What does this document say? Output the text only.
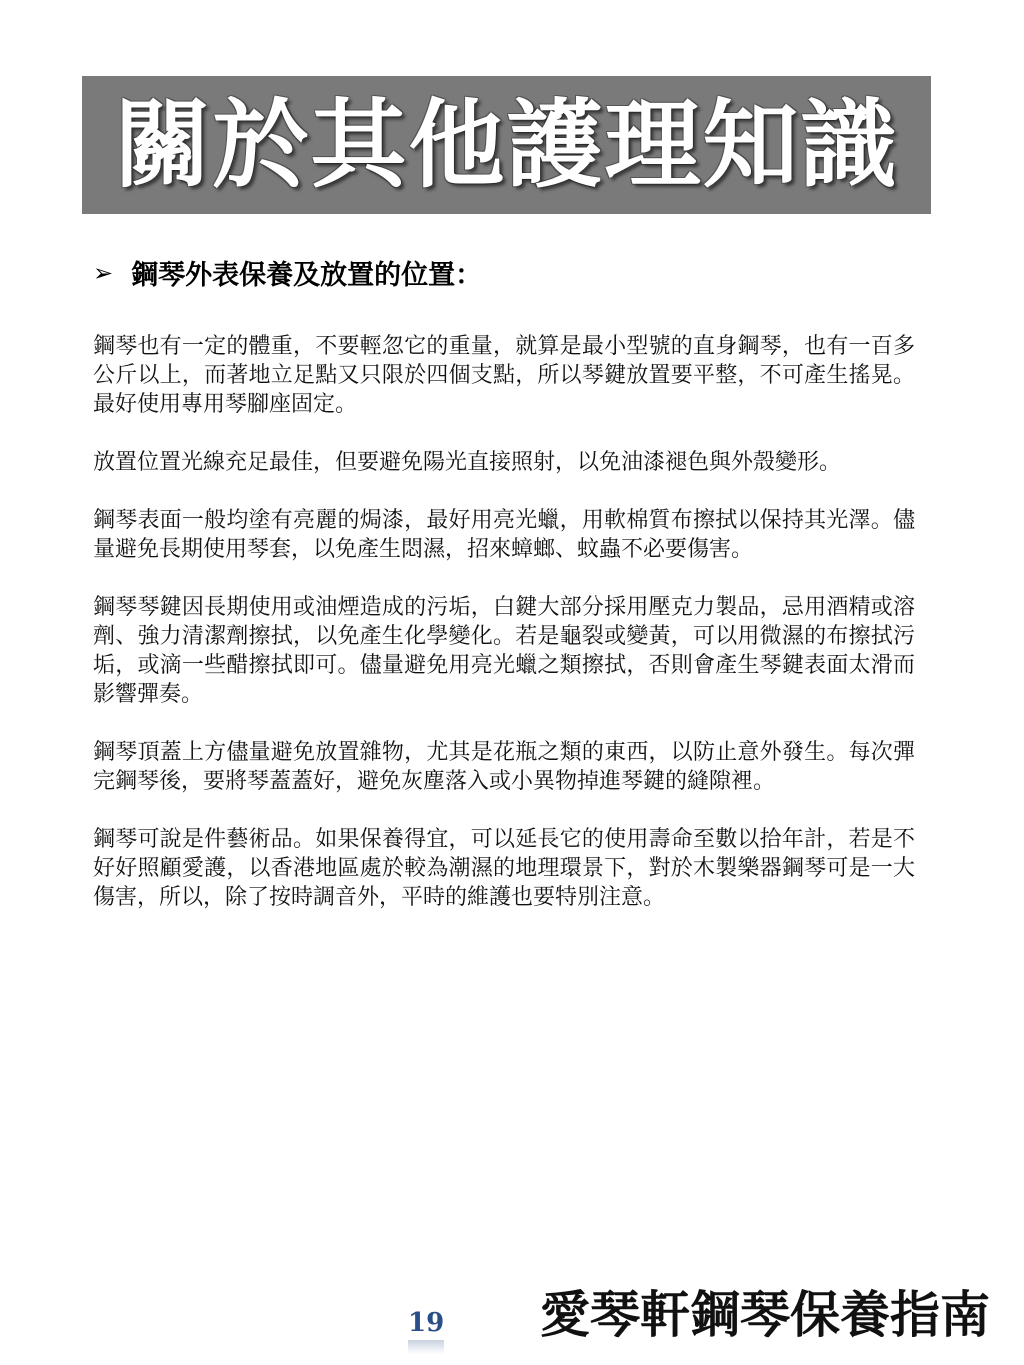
關於其他護理知識
➢ 鋼琴外表保養及放置的位置：

鋼琴也有一定的體重，不要輕忽它的重量，就算是最小型號的直身鋼琴，也有一百多公斤以上，而著地立足點又只限於四個支點，所以琴鍵放置要平整，不可產生搖晃。最好使用專用琴腳座固定。

放置位置光線充足最佳，但要避免陽光直接照射，以免油漆褪色與外殼變形。

鋼琴表面一般均塗有亮麗的焗漆，最好用亮光蠟，用軟棉質布擦拭以保持其光澤。儘量避免長期使用琴套，以免產生悶濕，招來蟑螂、蚊蟲不必要傷害。

鋼琴琴鍵因長期使用或油煙造成的污垢，白鍵大部分採用壓克力製品，忌用酒精或溶劑、強力清潔劑擦拭，以免產生化學變化。若是龜裂或變黃，可以用微濕的布擦拭污垢，或滴一些醋擦拭即可。儘量避免用亮光蠟之類擦拭，否則會產生琴鍵表面太滑而影響彈奏。

鋼琴頂蓋上方儘量避免放置雜物，尤其是花瓶之類的東西，以防止意外發生。每次彈完鋼琴後，要將琴蓋蓋好，避免灰塵落入或小異物掉進琴鍵的縫隙裡。

鋼琴可說是件藝術品。如果保養得宜，可以延長它的使用壽命至數以拾年計，若是不好好照顧愛護，以香港地區處於較為潮濕的地理環景下，對於木製樂器鋼琴可是一大傷害，所以，除了按時調音外，平時的維護也要特別注意。

19 愛琴軒鋼琴保養指南
